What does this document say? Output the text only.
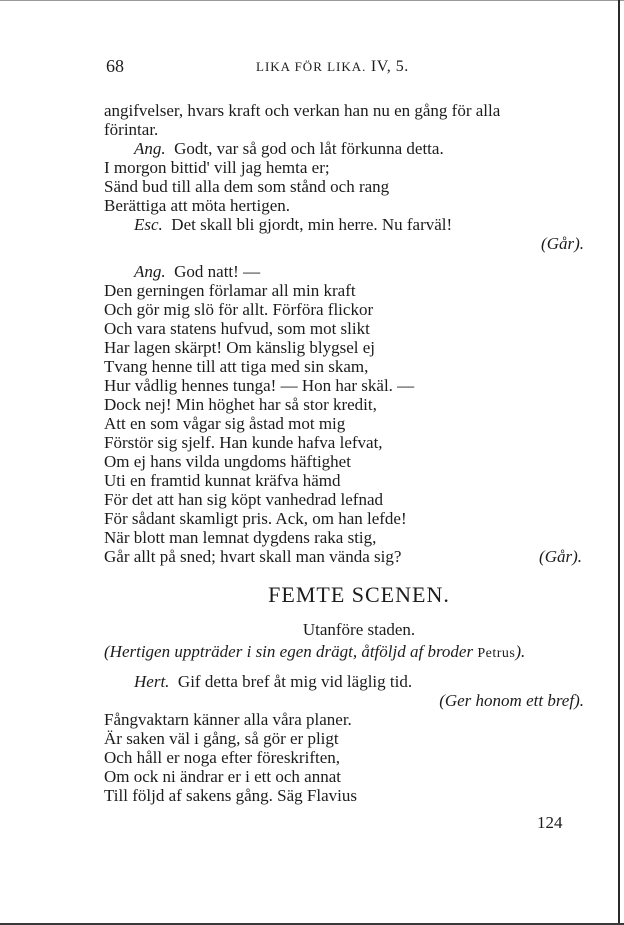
68	LIKA FÖR LIKA. IV, 5.
angifvelser, hvars kraft och verkan han nu en gång för alla
förintar.
Ang. Godt, var så god och låt förkunna detta.
I morgon bittid' vill jag hemta er;
Sänd bud till alla dem som stånd och rang
Berättiga att möta hertigen.
Esc. Det skall bli gjordt, min herre. Nu farväl!
(Går).
Ang. God natt! —
Den gerningen förlamar all min kraft
Och gör mig slö för allt. Förföra flickor
Och vara statens hufvud, som mot slikt
Har lagen skärpt! Om känslig blygsel ej
Tvang henne till att tiga med sin skam,
Hur vådlig hennes tunga! — Hon har skäl. —
Dock nej! Min höghet har så stor kredit,
Att en som vågar sig åstad mot mig
Förstör sig sjelf. Han kunde hafva lefvat,
Om ej hans vilda ungdoms häftighet
Uti en framtid kunnat kräfva hämd
För det att han sig köpt vanhedrad lefnad
För sådant skamligt pris. Ack, om han lefde!
När blott man lemnat dygdens raka stig,
Går allt på sned; hvart skall man vända sig?	(Går).
FEMTE SCENEN.
Utanföre staden.
(Hertigen uppträder i sin egen drägt, åtföljd af broder Petrus).
Hert. Gif detta bref åt mig vid läglig tid.
(Ger honom ett bref).
Fångvaktarn känner alla våra planer.
Är saken väl i gång, så gör er pligt
Och håll er noga efter föreskriften,
Om ock ni ändrar er i ett och annat
Till följd af sakens gång. Säg Flavius
124
